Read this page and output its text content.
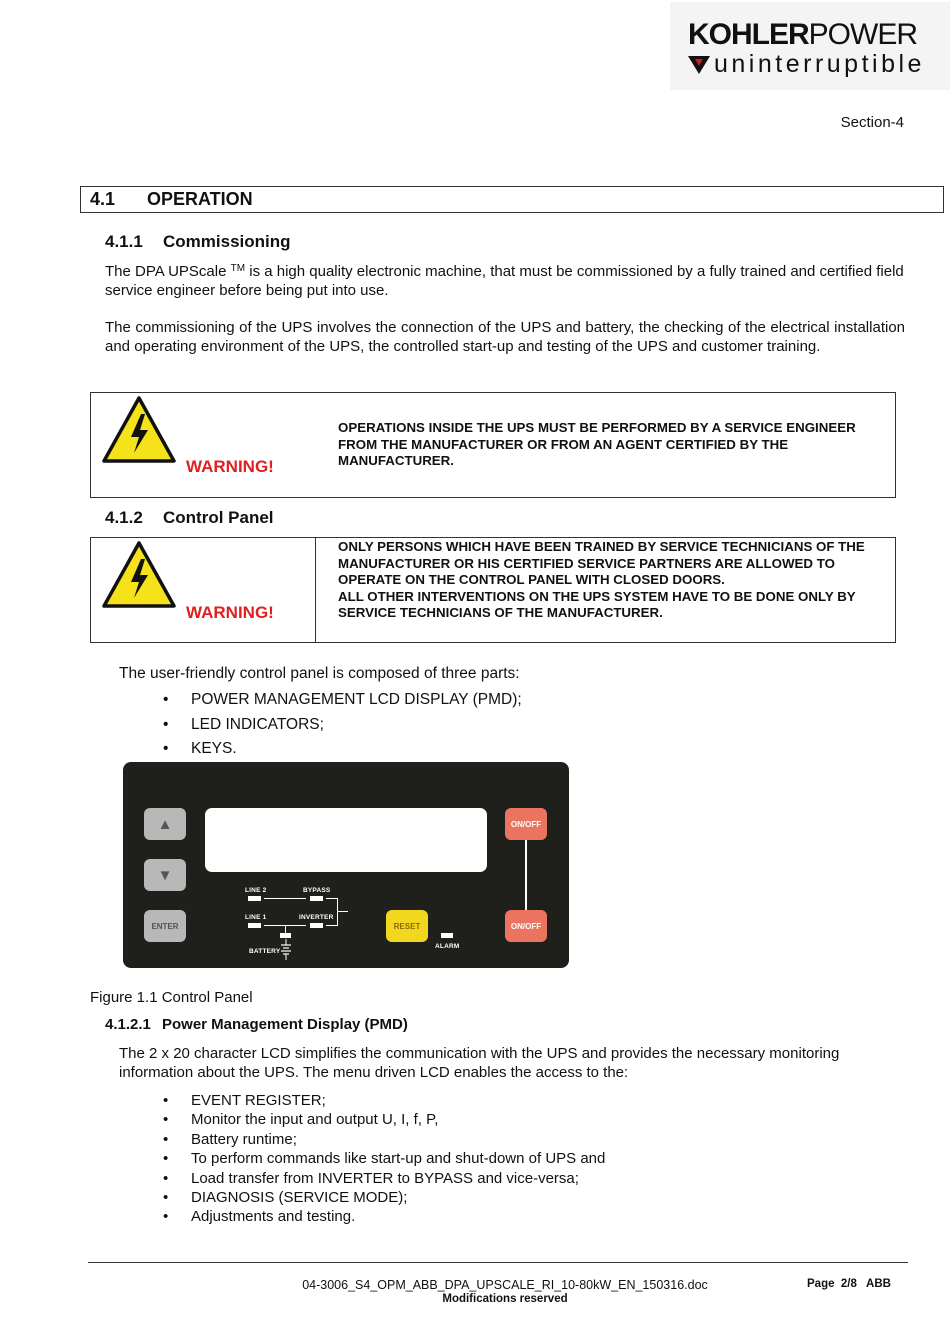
KOHLERPOWER
uninterruptible
Section-4
4.1 OPERATION
4.1.1 Commissioning
The DPA UPScale ™ is a high quality electronic machine, that must be commissioned by a fully trained and certified field service engineer before being put into use.
The commissioning of the UPS involves the connection of the UPS and battery, the checking of the electrical installation and operating environment of the UPS, the controlled start-up and testing of the UPS and customer training.
WARNING!
OPERATIONS INSIDE THE UPS MUST BE PERFORMED BY A SERVICE ENGINEER FROM THE MANUFACTURER OR FROM AN AGENT CERTIFIED BY THE MANUFACTURER.
4.1.2 Control Panel
WARNING!
ONLY PERSONS WHICH HAVE BEEN TRAINED BY SERVICE TECHNICIANS OF THE MANUFACTURER OR HIS CERTIFIED SERVICE PARTNERS ARE ALLOWED TO OPERATE ON THE CONTROL PANEL WITH CLOSED DOORS.
ALL OTHER INTERVENTIONS ON THE UPS SYSTEM HAVE TO BE DONE ONLY BY SERVICE TECHNICIANS OF THE MANUFACTURER.
The user-friendly control panel is composed of three parts:
• POWER MANAGEMENT LCD DISPLAY (PMD);
• LED INDICATORS;
• KEYS.
▲
▼
ENTER
ON/OFF
ON/OFF
RESET
ALARM
LINE 2	BYPASS
LINE 1	INVERTER
BATTERY
Figure 1.1 Control Panel
4.1.2.1 Power Management Display (PMD)
The 2 x 20 character LCD simplifies the communication with the UPS and provides the necessary monitoring information about the UPS. The menu driven LCD enables the access to the:
• EVENT REGISTER;
• Monitor the input and output U, I, f, P,
• Battery runtime;
• To perform commands like start-up and shut-down of UPS and
• Load transfer from INVERTER to BYPASS and vice-versa;
• DIAGNOSIS (SERVICE MODE);
• Adjustments and testing.
04-3006_S4_OPM_ABB_DPA_UPSCALE_RI_10-80kW_EN_150316.doc
Modifications reserved
Page  2/8   ABB
